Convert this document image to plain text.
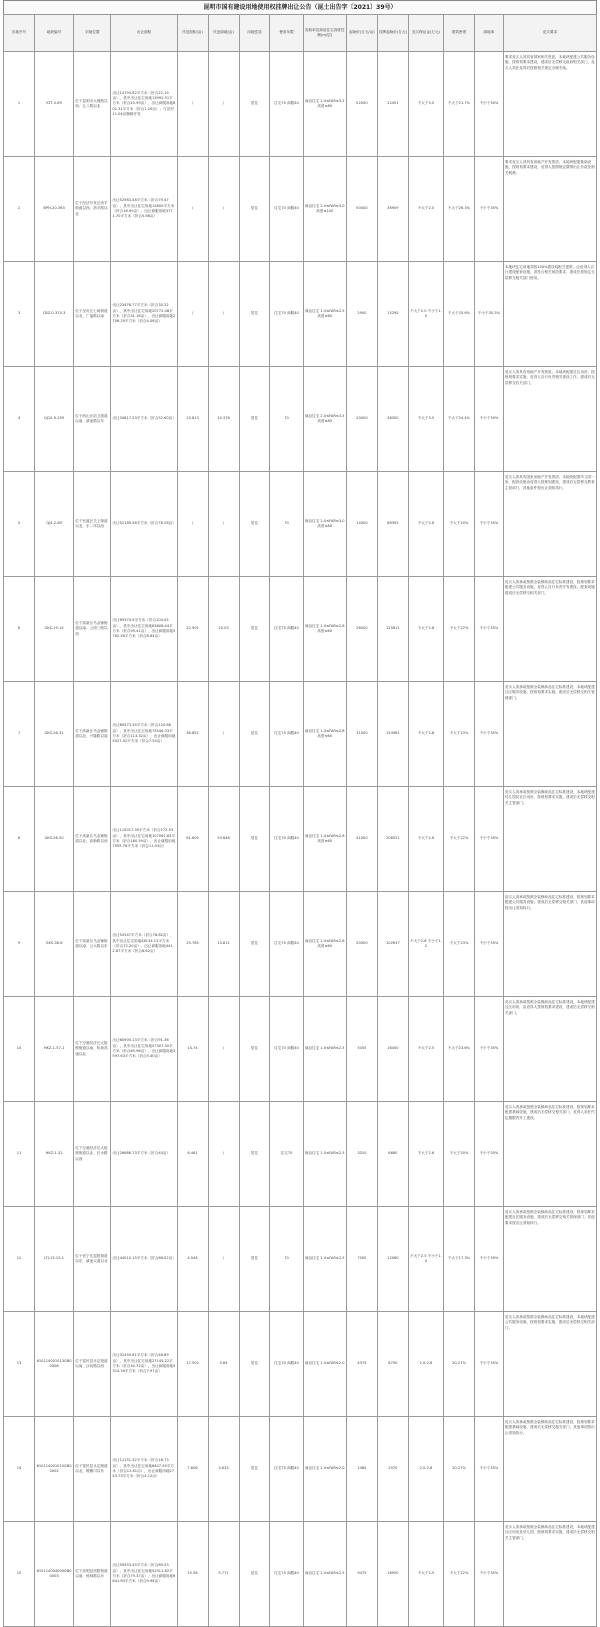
昆明市国有建设用地使用权挂牌出让公告（昆土出告字〔2021〕39号）
宗地序号	地块编号	宗地位置	出让面积	代征面积(亩)	代征绿地(亩)	用地性质	使用年限	容积率及商品住宅高度控制(m/层)	起始价(万元/亩)	挂牌起始价(万元)	竞买保证金(万元)	建筑密度	绿地率	竞买要求
1	KTT-5-69	位于昆明市大理路以西、五八路以北	出让14793.62平方米（折合22.19亩），其中出让住宅用地13992.31平方米（折合20.99亩），出让商服用地801.31平方米（折合1.20亩）；与旧村11.04亩捆绑开发	/	/	居住	住宅70 商服40	商品住宅 1.0≤FAR≤3.2 高度≤80	52000	22451	不大于3.0	不大于21.7%	不小于30%	要求竞买人须具有国家相关资质，本地块配建公共服务设施，按规划要求建设，建成后无偿移交政府相关部门，竞买人须在竞得后按照相关规定办理手续。
2	BPH-20-363	位于经济开发区洛羊街道以西、洛羊路以北	出让52983.58平方米（折合79.47亩），其中出让住宅用地12600平方米（折合18.90亩）、出让商服用地3771.70平方米（折合5.66亩）	/	/	居住	住宅70 商服40	商品住宅 2.0≤FAR≤3.0 高度≤100	50000	36909	不大于2.0	不大于26.3%	不小于35%	要求竞买人须具有房地产开发资质，本地块配建基础设施，按规划要求建设，竞得人按照规定缴纳出让价款及相关税费。
3	CBZ-0-370-3	位于呈贡区七甸街道以北、广福路以南	出让23478.77平方米（折合35.22亩），其中出让住宅用地20772.48平方米（折合31.16亩），出让商服用地2706.29平方米（折合4.06亩）	/	/	居住	住宅70 商服40	商品住宅 1.0≤FAR≤2.5 高度≤60	2900	15295	不大于2.0 不小于1.0	不大于25.6%	不小于30.5%	本地块住宅用地须按100%建设装配式建筑，由竞得人自行建设配套设施，须符合相关规范要求，建成后按规定无偿移交相关部门使用。
4	QJ10-9-259	位于西山区前卫街道以南、滇池路以东	出让34817.53平方米（折合52.40亩）	13.813	10.376	居住	70	商品住宅 2.0≤FAR≤3.5 高度≤80	20000	38300	不大于3.5	不大于24.4%	不小于30%	竞买人须具有房地产开发资质，本地块配建社区用房，按规划要求实施，竞得人自行负责相关建设工作，建成后无偿移交有关部门。
5	QJ4-2-89	位于官渡区关上街道以北、东二环以西	出让52189.56平方米（折合78.28亩）	/	/	居住	70	商品住宅 2.0≤FAR≤3.0 高度≤80	14000	66305	不大于2.8	不大于20%	不小于35%	竞买人须具有国家房地产开发资质，本地块配建幼儿园一所，配套设施由竞得人按规划建设，建成后无偿移交教育主管部门，其他条件按出让须知执行。
6	GKS-19-14	位于高新区马金铺街道以南、公园三路以西	出让69370.9平方米（折合104.05亩），其中出让住宅用地63608.44平方米（折合95.41亩），出让商服用地5762.46平方米（折合8.64亩）	22.901	20.03	居住	住宅70 商服40	商品住宅 1.0≤FAR≤2.8 高度≤60	26000	125811	不大于2.8	不大于22%	不小于35%	竞买人须承诺按照全装修商品住宅标准建设，按规划要求配建公共服务设施，竞得人自行负责开发建设，配套设施建成后无偿移交相关部门。
7	GKS-26-31	位于高新区马金铺街道以北、兴隆路以南	出让80573.35平方米（折合120.86亩），其中出让住宅用地75546.33平方米（折合113.32亩），出让商服用地5027.02平方米（折合7.54亩）	36.852	/	居住	住宅70 商服40	商品住宅 1.0≤FAR≤2.8 高度≤60	31000	154961	不大于2.8	不大于23%	不小于35%	竞买人须承诺按照全装修商品住宅标准建设，本地块配建社区服务设施，按规划要求实施，建成后无偿移交相关管理部门。
8	GKS-26-50	位于高新区马金铺街道以北、高新路以西	出让115017.39平方米（折合172.53亩），其中出让住宅用地107061.63平方米（折合160.59亩），出让商服用地7955.76平方米（折合11.93亩）	61.605	29.646	居住	住宅70 商服40	商品住宅 1.0≤FAR≤2.8 高度≤60	41000	206521	不大于2.8	不大于22%	不小于35%	竞买人须承诺按照全装修商品住宅标准建设，本地块配建幼儿园及社区用房，按规划要求实施，建成后无偿移交相关主管部门。
9	GKS-36-6	位于高新区马金铺街道以南、云大路以东	出让52547平方米（折合78.82亩），其中出让住宅用地48134.13平方米（折合72.20亩），出让商服用地4412.87平方米（折合6.62亩）	25.765	13.811	居住	住宅70 商服40	商品住宅 1.0≤FAR≤2.8 高度≤60	20000	102637	不大于2.8 不小于1.2	不大于23%	不小于35%	竞买人须承诺按照全装修商品住宅标准建设，按规划要求配建公共服务设施，建成后无偿移交相关部门，其他事项按出让须知执行。
10	HKZ-1-57-1	位于空港经济区大板桥街道以南、机场高速以北	出让60905.13平方米（折合91.36亩），其中出让住宅用地57307.50平方米（折合85.96亩），出让商服用地3597.63平方米（折合5.40亩）	14.74	/	居住	住宅70 商服40	商品住宅 1.0≤FAR≤2.5	5055	16450	不大于2.5	不大于23.6%	不小于35%	竞买人须承诺按照全装修商品住宅标准建设，本地块配建社区用房，由竞得人按规划要求建设，建成后无偿移交相关部门。
11	HKZ-1-52	位于空港经济区大板桥街道以北、长水路以西	出让26666.73平方米（折合40亩）	6.461	/	居住	住宅70	商品住宅 1.0≤FAR≤2.5	3310	6660	不大于2.6	不大于20%	不小于35%	竞买人须承诺按照全装修商品住宅标准建设，按规划要求配建基础设施，建成后无偿移交相关部门，竞得人须在约定期限内开工建设。
12	LTJ-15-10-1	位于晋宁区昆阳街道以东、滇池大道以北	出让44010.15平方米（折合66.02亩）	4.044	/	居住	70	商品住宅 1.0≤FAR≤2.5	7000	12060	不大于2.5 不小于1.0	不大于17.3%	不小于35%	竞买人须承诺按照全装修商品住宅标准建设，按规划要求配建社区服务设施，建成后无偿移交相关管理部门，其他要求按出让须知执行。
13	610114001013GB00008	位于富民县永定街道以南、沙河路以西	出让32459.61平方米（折合48.69亩），其中出让住宅用地27145.22平方米（折合40.72亩），出让商服用地5314.39平方米（折合7.97亩）	17.502	3.64	居住	住宅70 商服40	商品住宅 1.0≤FAR≤2.0	4375	8750	2.0-2.6	20-27%	不小于35%	竞买人须承诺按照全装修商品住宅标准建设，本地块配建公共服务设施，按规划要求实施，建成后无偿移交相关部门。
14	610114001015GB00002	位于富民县永定街道以北、螳螂川以东	出让11151.32平方米（折合16.73亩），其中出让住宅用地8407.59平方米（折合12.61亩），出让商服用地2743.73平方米（折合4.12亩）	7.606	3.633	居住	住宅70 商服40	商品住宅 1.0≤FAR≤2.0	1485	2970	2.0-2.6	20-27%	不小于35%	竞买人须承诺按照全装修商品住宅标准建设，按规划要求配建基础设施，建成后无偿移交相关部门，其他事项按出让须知执行。
15	610114004009GB00003	位于嵩明县嵩阳街道以南、杨林路以东	出让59553.45平方米（折合89.33亩），其中出让住宅用地52911.82平方米（折合79.37亩），出让商服用地6641.63平方米（折合9.96亩）	10.56	5.771	居住	住宅70 商服40	商品住宅 1.0≤FAR≤2.5	9475	18950	不大于2.5	不大于22%	不小于35%	竞买人须承诺按照全装修商品住宅标准建设，本地块配建社区用房及幼儿园，按规划要求实施，建成后无偿移交相关主管部门。
